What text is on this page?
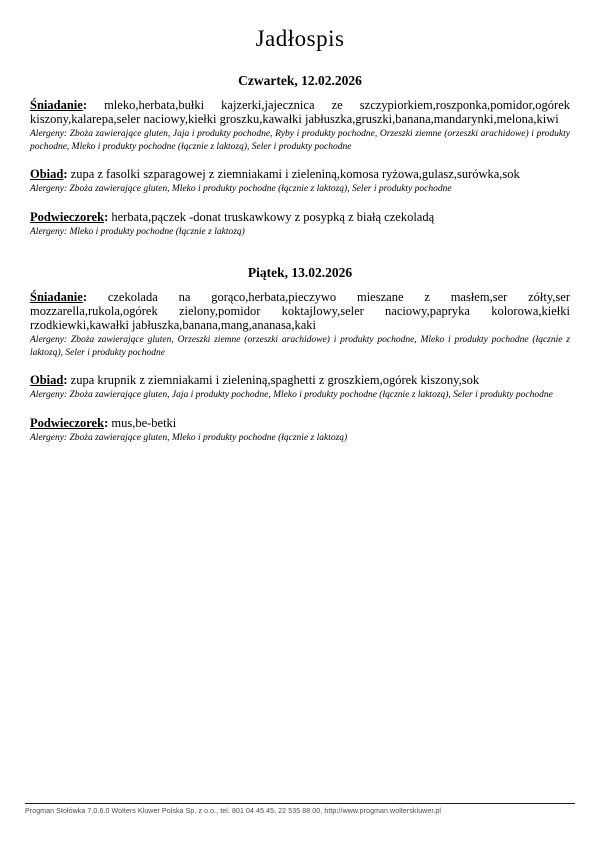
Jadłospis
Czwartek, 12.02.2026

Śniadanie : mleko,herbata,bułki kajzerki,jajecznica ze szczypiorkiem,roszponka,pomidor,ogórek kiszony,kalarepa,seler naciowy,kiełki groszku,kawałki jabłuszka,gruszki,banana,mandarynki,melona,kiwi

Alergeny: Zboża zawierające gluten, Jaja i produkty pochodne, Ryby i produkty pochodne, Orzeszki ziemne (orzeszki arachidowe) i produkty pochodne, Mleko i produkty pochodne (łącznie z laktozą), Seler i produkty pochodne

Obiad : zupa z fasolki szparagowej z ziemniakami i zieleniną,komosa ryżowa,gulasz,surówka,sok

Alergeny: Zboża zawierające gluten, Mleko i produkty pochodne (łącznie z laktozą), Seler i produkty pochodne

Podwieczorek : herbata,pączek -donat truskawkowy z posypką z białą czekoladą

Alergeny: Mleko i produkty pochodne (łącznie z laktozą)

Piątek, 13.02.2026

Śniadanie : czekolada na gorąco,herbata,pieczywo mieszane z masłem,ser zółty,ser mozzarella,rukola,ogórek zielony,pomidor koktajlowy,seler naciowy,papryka kolorowa,kiełki rzodkiewki,kawałki jabłuszka,banana,mang,ananasa,kaki

Alergeny: Zboża zawierające gluten, Orzeszki ziemne (orzeszki arachidowe) i produkty pochodne, Mleko i produkty pochodne (łącznie z laktozą), Seler i produkty pochodne

Obiad : zupa krupnik z ziemniakami i zieleniną,spaghetti z groszkiem,ogórek kiszony,sok

Alergeny: Zboża zawierające gluten, Jaja i produkty pochodne, Mleko i produkty pochodne (łącznie z laktozą), Seler i produkty pochodne

Podwieczorek : mus,be-betki

Alergeny: Zboża zawierające gluten, Mleko i produkty pochodne (łącznie z laktozą)

Progman Stołówka 7.0.6.0 Wolters Kluwer Polska Sp. z o.o., tel. 801 04 45 45, 22 535 88 00, http://www.progman.wolterskluwer.pl
